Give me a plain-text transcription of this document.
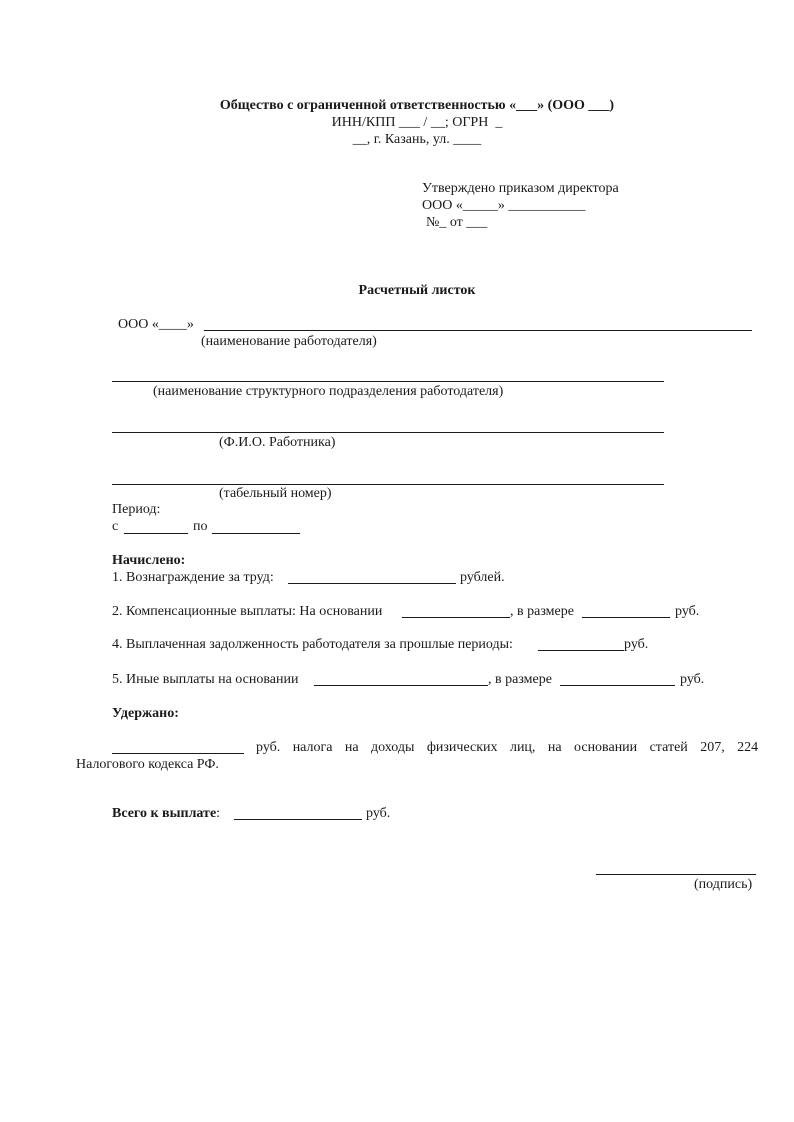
Общество с ограниченной ответственностью «___» (ООО ___)
ИНН/КПП ___ / __; ОГРН  _
__, г. Казань, ул. ____
Утверждено приказом директора
ООО «_____» ___________
№_ от ___
Расчетный листок
ООО «____»
(наименование работодателя)
(наименование структурного подразделения работодателя)
(Ф.И.О. Работника)
(табельный номер)
Период:
с	по
Начислено:
1. Вознаграждение за труд:	рублей.
2. Компенсационные выплаты: На основании	, в размере	руб.
4. Выплаченная задолженность работодателя за прошлые периоды:	руб.
5. Иные выплаты на основании	, в размере	руб.
Удержано:
руб. налога на доходы физических лиц, на основании статей 207, 224
Налогового кодекса РФ.
Всего к выплате:	руб.
(подпись)
